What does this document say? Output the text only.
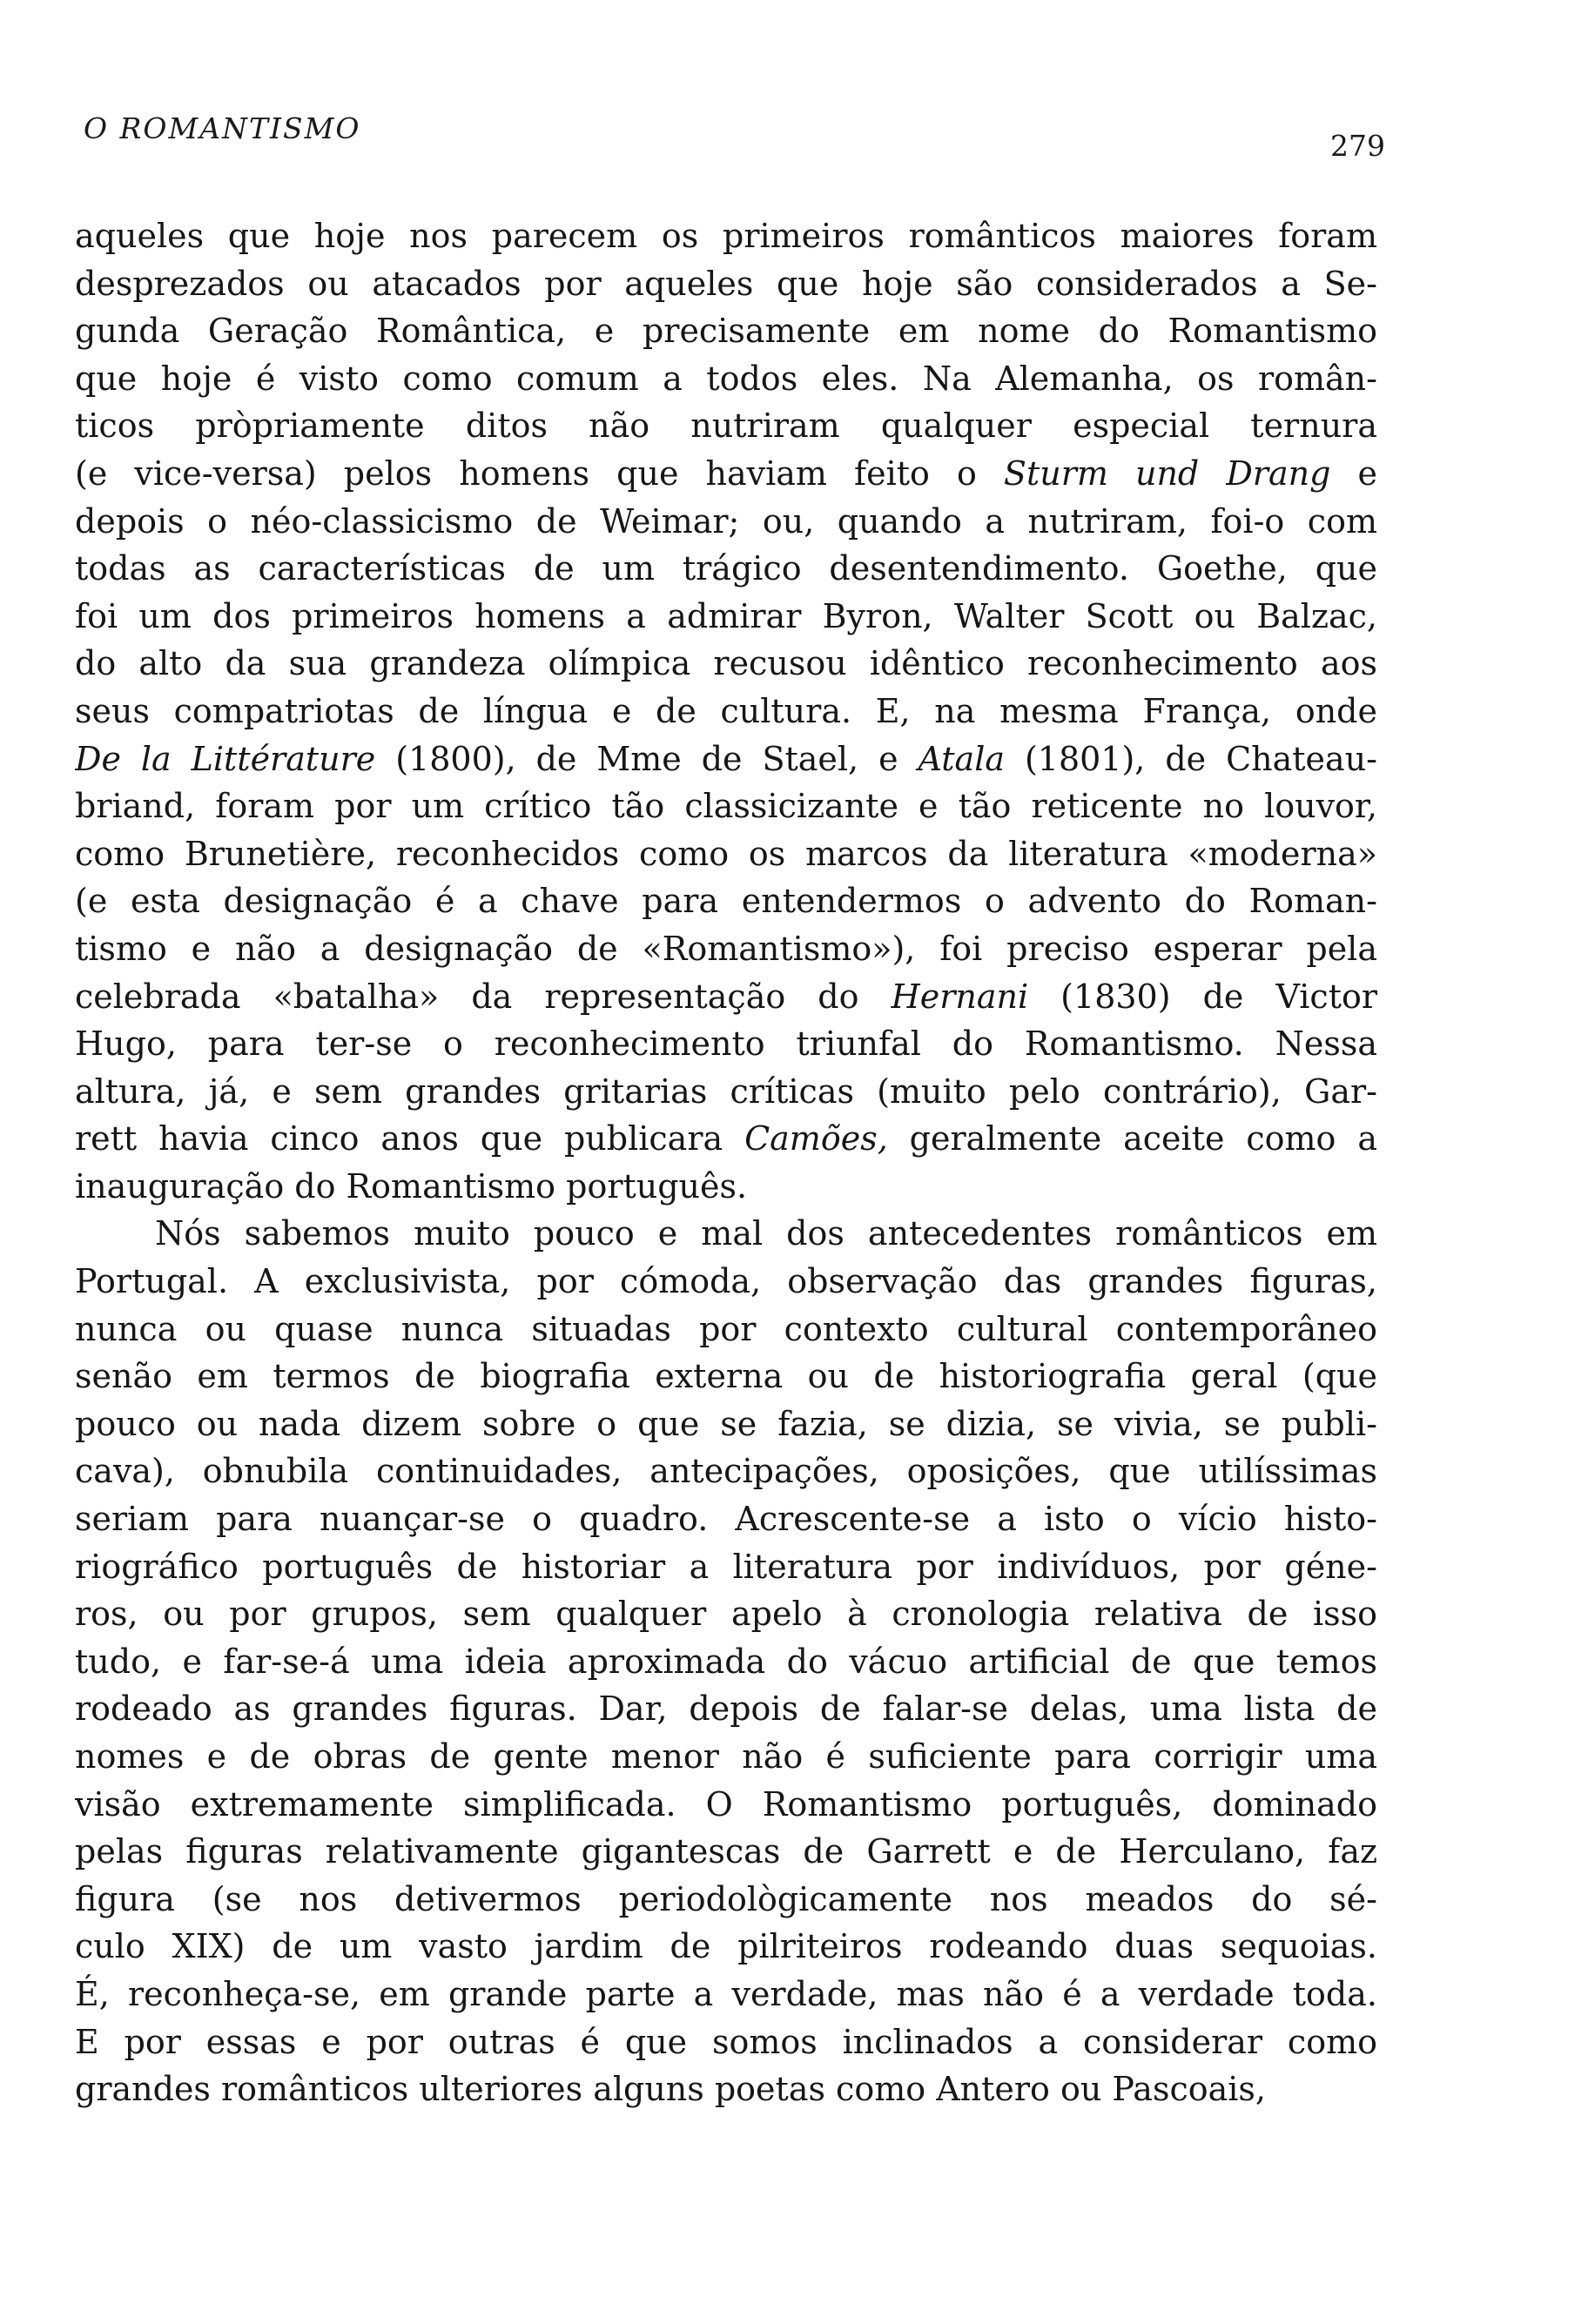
O ROMANTISMO
279
aqueles que hoje nos parecem os primeiros românticos maiores foram
desprezados ou atacados por aqueles que hoje são considerados a Se-
gunda Geração Romântica, e precisamente em nome do Romantismo
que hoje é visto como comum a todos eles. Na Alemanha, os român-
ticos pròpriamente ditos não nutriram qualquer especial ternura
(e vice-versa) pelos homens que haviam feito o Sturm und Drang e
depois o néo-classicismo de Weimar; ou, quando a nutriram, foi-o com
todas as características de um trágico desentendimento. Goethe, que
foi um dos primeiros homens a admirar Byron, Walter Scott ou Balzac,
do alto da sua grandeza olímpica recusou idêntico reconhecimento aos
seus compatriotas de língua e de cultura. E, na mesma França, onde
De la Littérature (1800), de Mme de Stael, e Atala (1801), de Chateau-
briand, foram por um crítico tão classicizante e tão reticente no louvor,
como Brunetière, reconhecidos como os marcos da literatura «moderna»
(e esta designação é a chave para entendermos o advento do Roman-
tismo e não a designação de «Romantismo»), foi preciso esperar pela
celebrada «batalha» da representação do Hernani (1830) de Victor
Hugo, para ter-se o reconhecimento triunfal do Romantismo. Nessa
altura, já, e sem grandes gritarias críticas (muito pelo contrário), Gar-
rett havia cinco anos que publicara Camões, geralmente aceite como a
inauguração do Romantismo português.
Nós sabemos muito pouco e mal dos antecedentes românticos em
Portugal. A exclusivista, por cómoda, observação das grandes figuras,
nunca ou quase nunca situadas por contexto cultural contemporâneo
senão em termos de biografia externa ou de historiografia geral (que
pouco ou nada dizem sobre o que se fazia, se dizia, se vivia, se publi-
cava), obnubila continuidades, antecipações, oposições, que utilíssimas
seriam para nuançar-se o quadro. Acrescente-se a isto o vício histo-
riográfico português de historiar a literatura por indivíduos, por géne-
ros, ou por grupos, sem qualquer apelo à cronologia relativa de isso
tudo, e far-se-á uma ideia aproximada do vácuo artificial de que temos
rodeado as grandes figuras. Dar, depois de falar-se delas, uma lista de
nomes e de obras de gente menor não é suficiente para corrigir uma
visão extremamente simplificada. O Romantismo português, dominado
pelas figuras relativamente gigantescas de Garrett e de Herculano, faz
figura (se nos detivermos periodològicamente nos meados do sé-
culo XIX) de um vasto jardim de pilriteiros rodeando duas sequoias.
É, reconheça-se, em grande parte a verdade, mas não é a verdade toda.
E por essas e por outras é que somos inclinados a considerar como
grandes românticos ulteriores alguns poetas como Antero ou Pascoais,
